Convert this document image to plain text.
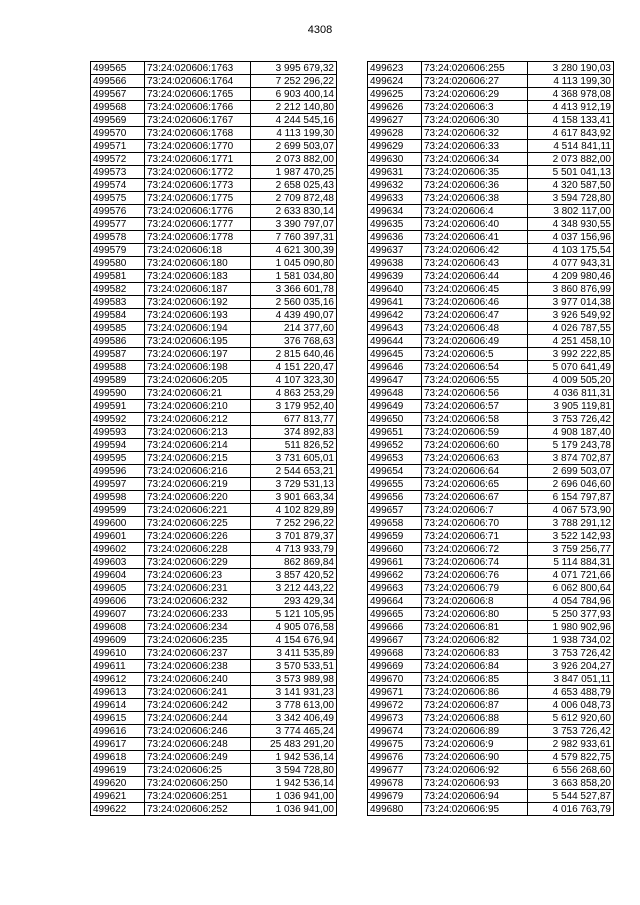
4308
499565	73:24:020606:1763	3 995 679,32
499566	73:24:020606:1764	7 252 296,22
499567	73:24:020606:1765	6 903 400,14
499568	73:24:020606:1766	2 212 140,80
499569	73:24:020606:1767	4 244 545,16
499570	73:24:020606:1768	4 113 199,30
499571	73:24:020606:1770	2 699 503,07
499572	73:24:020606:1771	2 073 882,00
499573	73:24:020606:1772	1 987 470,25
499574	73:24:020606:1773	2 658 025,43
499575	73:24:020606:1775	2 709 872,48
499576	73:24:020606:1776	2 633 830,14
499577	73:24:020606:1777	3 390 797,07
499578	73:24:020606:1778	7 760 397,31
499579	73:24:020606:18	4 621 300,39
499580	73:24:020606:180	1 045 090,80
499581	73:24:020606:183	1 581 034,80
499582	73:24:020606:187	3 366 601,78
499583	73:24:020606:192	2 560 035,16
499584	73:24:020606:193	4 439 490,07
499585	73:24:020606:194	214 377,60
499586	73:24:020606:195	376 768,63
499587	73:24:020606:197	2 815 640,46
499588	73:24:020606:198	4 151 220,47
499589	73:24:020606:205	4 107 323,30
499590	73:24:020606:21	4 863 253,29
499591	73:24:020606:210	3 179 952,40
499592	73:24:020606:212	677 813,77
499593	73:24:020606:213	374 892,83
499594	73:24:020606:214	511 826,52
499595	73:24:020606:215	3 731 605,01
499596	73:24:020606:216	2 544 653,21
499597	73:24:020606:219	3 729 531,13
499598	73:24:020606:220	3 901 663,34
499599	73:24:020606:221	4 102 829,89
499600	73:24:020606:225	7 252 296,22
499601	73:24:020606:226	3 701 879,37
499602	73:24:020606:228	4 713 933,79
499603	73:24:020606:229	862 869,84
499604	73:24:020606:23	3 857 420,52
499605	73:24:020606:231	3 212 443,22
499606	73:24:020606:232	293 429,34
499607	73:24:020606:233	5 121 105,95
499608	73:24:020606:234	4 905 076,58
499609	73:24:020606:235	4 154 676,94
499610	73:24:020606:237	3 411 535,89
499611	73:24:020606:238	3 570 533,51
499612	73:24:020606:240	3 573 989,98
499613	73:24:020606:241	3 141 931,23
499614	73:24:020606:242	3 778 613,00
499615	73:24:020606:244	3 342 406,49
499616	73:24:020606:246	3 774 465,24
499617	73:24:020606:248	25 483 291,20
499618	73:24:020606:249	1 942 536,14
499619	73:24:020606:25	3 594 728,80
499620	73:24:020606:250	1 942 536,14
499621	73:24:020606:251	1 036 941,00
499622	73:24:020606:252	1 036 941,00
499623	73:24:020606:255	3 280 190,03
499624	73:24:020606:27	4 113 199,30
499625	73:24:020606:29	4 368 978,08
499626	73:24:020606:3	4 413 912,19
499627	73:24:020606:30	4 158 133,41
499628	73:24:020606:32	4 617 843,92
499629	73:24:020606:33	4 514 841,11
499630	73:24:020606:34	2 073 882,00
499631	73:24:020606:35	5 501 041,13
499632	73:24:020606:36	4 320 587,50
499633	73:24:020606:38	3 594 728,80
499634	73:24:020606:4	3 802 117,00
499635	73:24:020606:40	4 348 930,55
499636	73:24:020606:41	4 037 156,96
499637	73:24:020606:42	4 103 175,54
499638	73:24:020606:43	4 077 943,31
499639	73:24:020606:44	4 209 980,46
499640	73:24:020606:45	3 860 876,99
499641	73:24:020606:46	3 977 014,38
499642	73:24:020606:47	3 926 549,92
499643	73:24:020606:48	4 026 787,55
499644	73:24:020606:49	4 251 458,10
499645	73:24:020606:5	3 992 222,85
499646	73:24:020606:54	5 070 641,49
499647	73:24:020606:55	4 009 505,20
499648	73:24:020606:56	4 036 811,31
499649	73:24:020606:57	3 905 119,81
499650	73:24:020606:58	3 753 726,42
499651	73:24:020606:59	4 908 187,40
499652	73:24:020606:60	5 179 243,78
499653	73:24:020606:63	3 874 702,87
499654	73:24:020606:64	2 699 503,07
499655	73:24:020606:65	2 696 046,60
499656	73:24:020606:67	6 154 797,87
499657	73:24:020606:7	4 067 573,90
499658	73:24:020606:70	3 788 291,12
499659	73:24:020606:71	3 522 142,93
499660	73:24:020606:72	3 759 256,77
499661	73:24:020606:74	5 114 884,31
499662	73:24:020606:76	4 071 721,66
499663	73:24:020606:79	6 062 800,64
499664	73:24:020606:8	4 054 784,96
499665	73:24:020606:80	5 250 377,93
499666	73:24:020606:81	1 980 902,96
499667	73:24:020606:82	1 938 734,02
499668	73:24:020606:83	3 753 726,42
499669	73:24:020606:84	3 926 204,27
499670	73:24:020606:85	3 847 051,11
499671	73:24:020606:86	4 653 488,79
499672	73:24:020606:87	4 006 048,73
499673	73:24:020606:88	5 612 920,60
499674	73:24:020606:89	3 753 726,42
499675	73:24:020606:9	2 982 933,61
499676	73:24:020606:90	4 579 822,75
499677	73:24:020606:92	6 556 268,60
499678	73:24:020606:93	3 663 858,20
499679	73:24:020606:94	5 544 527,87
499680	73:24:020606:95	4 016 763,79
